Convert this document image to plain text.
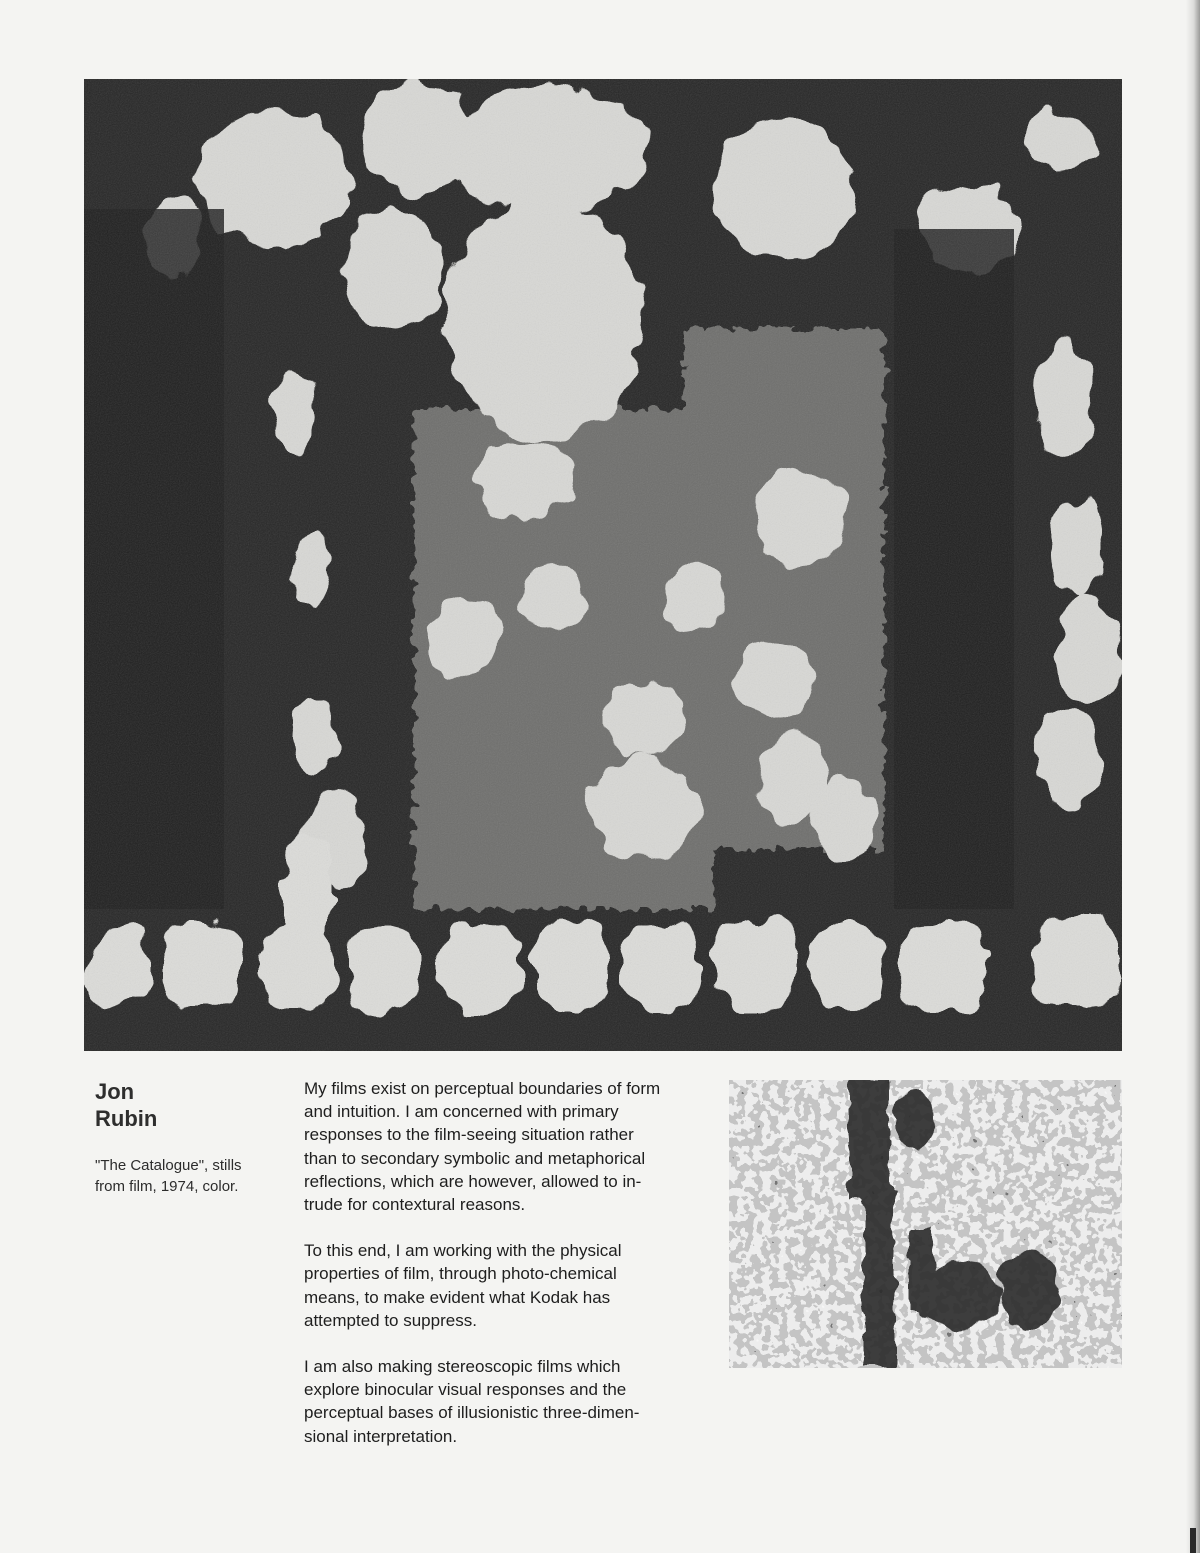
Jon
Rubin
"The Catalogue", stills
from film, 1974, color.
My films exist on perceptual boundaries of form
and intuition. I am concerned with primary
responses to the film-seeing situation rather
than to secondary symbolic and metaphorical
reflections, which are however, allowed to in-
trude for contextural reasons.
To this end, I am working with the physical
properties of film, through photo-chemical
means, to make evident what Kodak has
attempted to suppress.
I am also making stereoscopic films which
explore binocular visual responses and the
perceptual bases of illusionistic three-dimen-
sional interpretation.
